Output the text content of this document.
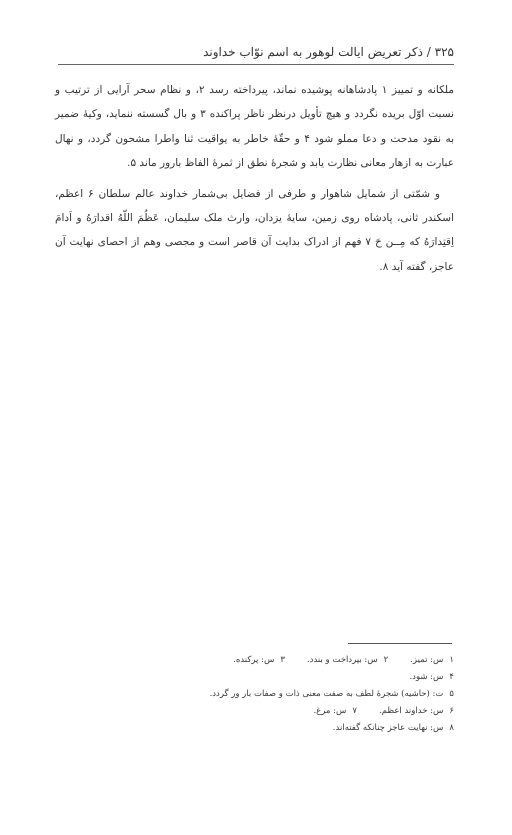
۳۲۵ / ذکر تعریض ایالت لوهور به اسم نوّاب خداوند

ملکانه و تمییز ۱ پادشاهانه پوشیده نماند، پیرداخته رسد ۲، و نظام سحر آرایی از ترتیب و نسبت اوّل بریده نگردد و هیچ تأویل درنظر ناظر پراکنده ۳ و بال گسسته ننماید، وکیۀ ضمیر به نقود مدحت و دعا مملو شود ۴ و حقّهٔ خاطر به یواقیت ثنا واطرا مشحون گردد، و نهال عبارت به ازهار معانی نظارت یابد و شجرهٔ نطق از ثمرهٔ الفاظ بارور ماند ۵.

و شمّتی از شمایل شاهوار و طرفی از فضایل بی‌شمار خداوند عالم سلطان ۶ اعظم، اسکندر ثانی، پادشاه روی زمین، سایهٔ یزدان، وارث ملک سلیمان، عَظُمَ اللّهُ اقدارَهُ و اَدامَ اِقتِدارَهُ که مِــن حَ ۷ فهم از ادراک بدایت آن قاصر است و مجصی وهم از احصای نهایت آن عاجز، گفته آید ۸.

۱س: تمیز.
۲س: بپرداخت و بندد.
۳س: پرکنده.
۴س: شود.
۵ت: (حاشیه) شجرهٔ لطف به صفت معنی ذات و صفات بار ور گردد.
۶س: خداوند اعظم.
۷س: مرغ.
۸س: نهایت عاجز چنانکه گفته‌اند.
